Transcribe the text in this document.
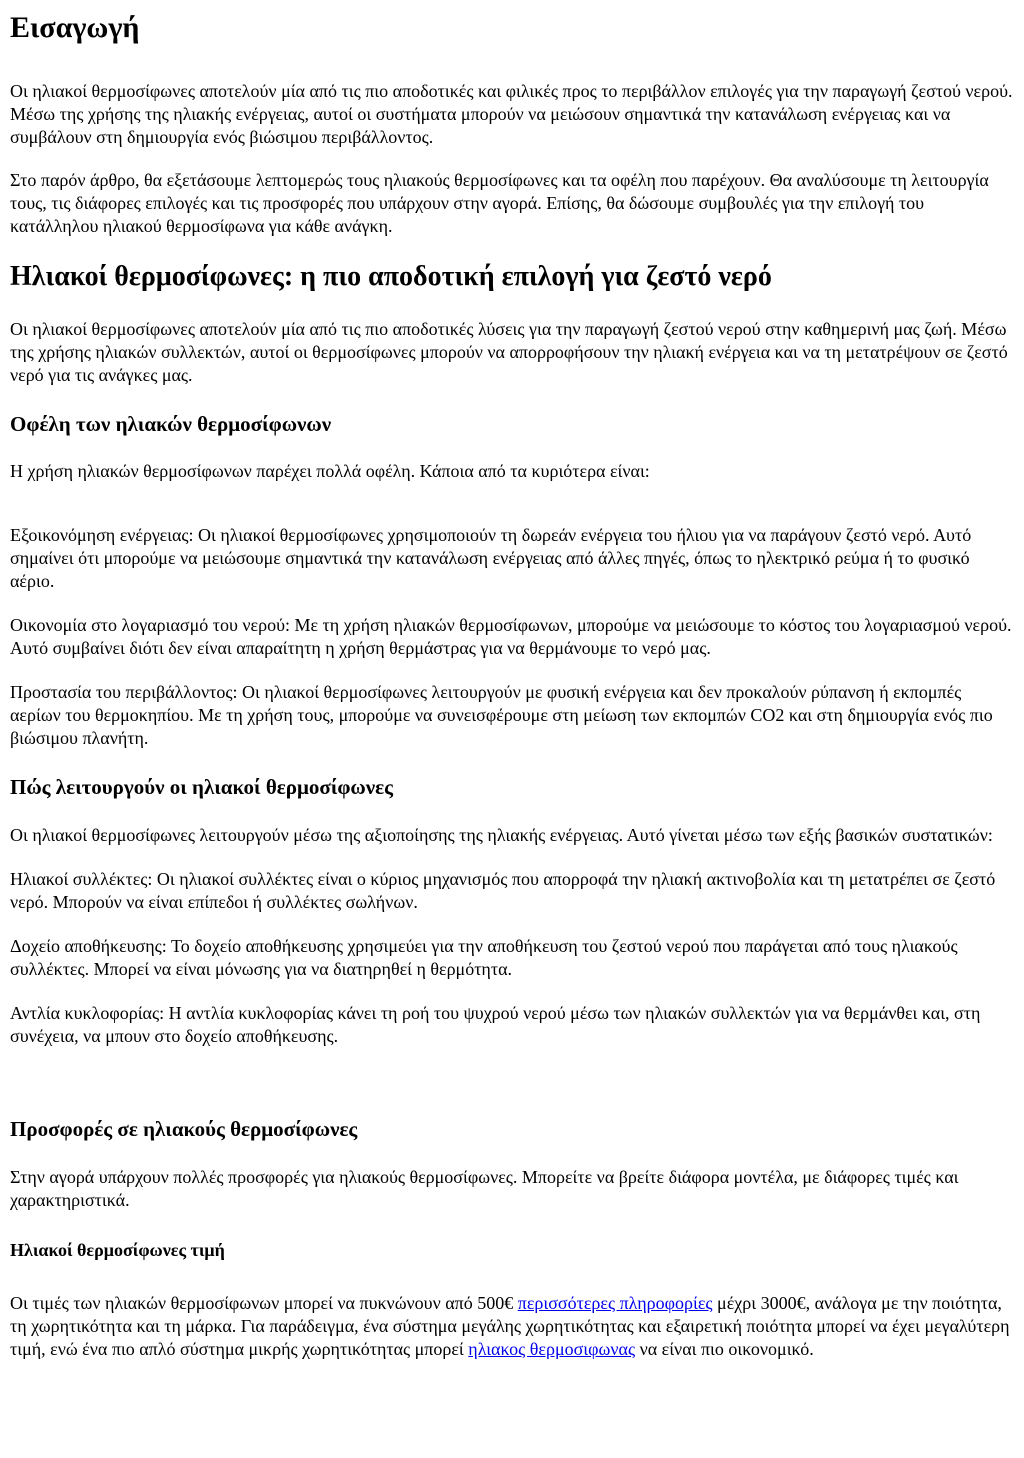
Εισαγωγή

Οι ηλιακοί θερμοσίφωνες αποτελούν μία από τις πιο αποδοτικές και φιλικές προς το περιβάλλον επιλογές για την παραγωγή ζεστού νερού. Μέσω της χρήσης της ηλιακής ενέργειας, αυτοί οι συστήματα μπορούν να μειώσουν σημαντικά την κατανάλωση ενέργειας και να συμβάλουν στη δημιουργία ενός βιώσιμου περιβάλλοντος.

Στο παρόν άρθρο, θα εξετάσουμε λεπτομερώς τους ηλιακούς θερμοσίφωνες και τα οφέλη που παρέχουν. Θα αναλύσουμε τη λειτουργία τους, τις διάφορες επιλογές και τις προσφορές που υπάρχουν στην αγορά. Επίσης, θα δώσουμε συμβουλές για την επιλογή του κατάλληλου ηλιακού θερμοσίφωνα για κάθε ανάγκη.

Ηλιακοί θερμοσίφωνες: η πιο αποδοτική επιλογή για ζεστό νερό

Οι ηλιακοί θερμοσίφωνες αποτελούν μία από τις πιο αποδοτικές λύσεις για την παραγωγή ζεστού νερού στην καθημερινή μας ζωή. Μέσω της χρήσης ηλιακών συλλεκτών, αυτοί οι θερμοσίφωνες μπορούν να απορροφήσουν την ηλιακή ενέργεια και να τη μετατρέψουν σε ζεστό νερό για τις ανάγκες μας.

Οφέλη των ηλιακών θερμοσίφωνων

Η χρήση ηλιακών θερμοσίφωνων παρέχει πολλά οφέλη. Κάποια από τα κυριότερα είναι:

Εξοικονόμηση ενέργειας: Οι ηλιακοί θερμοσίφωνες χρησιμοποιούν τη δωρεάν ενέργεια του ήλιου για να παράγουν ζεστό νερό. Αυτό σημαίνει ότι μπορούμε να μειώσουμε σημαντικά την κατανάλωση ενέργειας από άλλες πηγές, όπως το ηλεκτρικό ρεύμα ή το φυσικό αέριο.

Οικονομία στο λογαριασμό του νερού: Με τη χρήση ηλιακών θερμοσίφωνων, μπορούμε να μειώσουμε το κόστος του λογαριασμού νερού. Αυτό συμβαίνει διότι δεν είναι απαραίτητη η χρήση θερμάστρας για να θερμάνουμε το νερό μας.

Προστασία του περιβάλλοντος: Οι ηλιακοί θερμοσίφωνες λειτουργούν με φυσική ενέργεια και δεν προκαλούν ρύπανση ή εκπομπές αερίων του θερμοκηπίου. Με τη χρήση τους, μπορούμε να συνεισφέρουμε στη μείωση των εκπομπών CO2 και στη δημιουργία ενός πιο βιώσιμου πλανήτη.

Πώς λειτουργούν οι ηλιακοί θερμοσίφωνες

Οι ηλιακοί θερμοσίφωνες λειτουργούν μέσω της αξιοποίησης της ηλιακής ενέργειας. Αυτό γίνεται μέσω των εξής βασικών συστατικών:

Ηλιακοί συλλέκτες: Οι ηλιακοί συλλέκτες είναι ο κύριος μηχανισμός που απορροφά την ηλιακή ακτινοβολία και τη μετατρέπει σε ζεστό νερό. Μπορούν να είναι επίπεδοι ή συλλέκτες σωλήνων.

Δοχείο αποθήκευσης: Το δοχείο αποθήκευσης χρησιμεύει για την αποθήκευση του ζεστού νερού που παράγεται από τους ηλιακούς συλλέκτες. Μπορεί να είναι μόνωσης για να διατηρηθεί η θερμότητα.

Αντλία κυκλοφορίας: Η αντλία κυκλοφορίας κάνει τη ροή του ψυχρού νερού μέσω των ηλιακών συλλεκτών για να θερμάνθει και, στη συνέχεια, να μπουν στο δοχείο αποθήκευσης.

Προσφορές σε ηλιακούς θερμοσίφωνες

Στην αγορά υπάρχουν πολλές προσφορές για ηλιακούς θερμοσίφωνες. Μπορείτε να βρείτε διάφορα μοντέλα, με διάφορες τιμές και χαρακτηριστικά.

Ηλιακοί θερμοσίφωνες τιμή

Οι τιμές των ηλιακών θερμοσίφωνων μπορεί να πυκνώνουν από 500€ περισσότερες πληροφορίες μέχρι 3000€, ανάλογα με την ποιότητα, τη χωρητικότητα και τη μάρκα. Για παράδειγμα, ένα σύστημα μεγάλης χωρητικότητας και εξαιρετική ποιότητα μπορεί να έχει μεγαλύτερη τιμή, ενώ ένα πιο απλό σύστημα μικρής χωρητικότητας μπορεί ηλιακος θερμοσιφωνας να είναι πιο οικονομικό.
